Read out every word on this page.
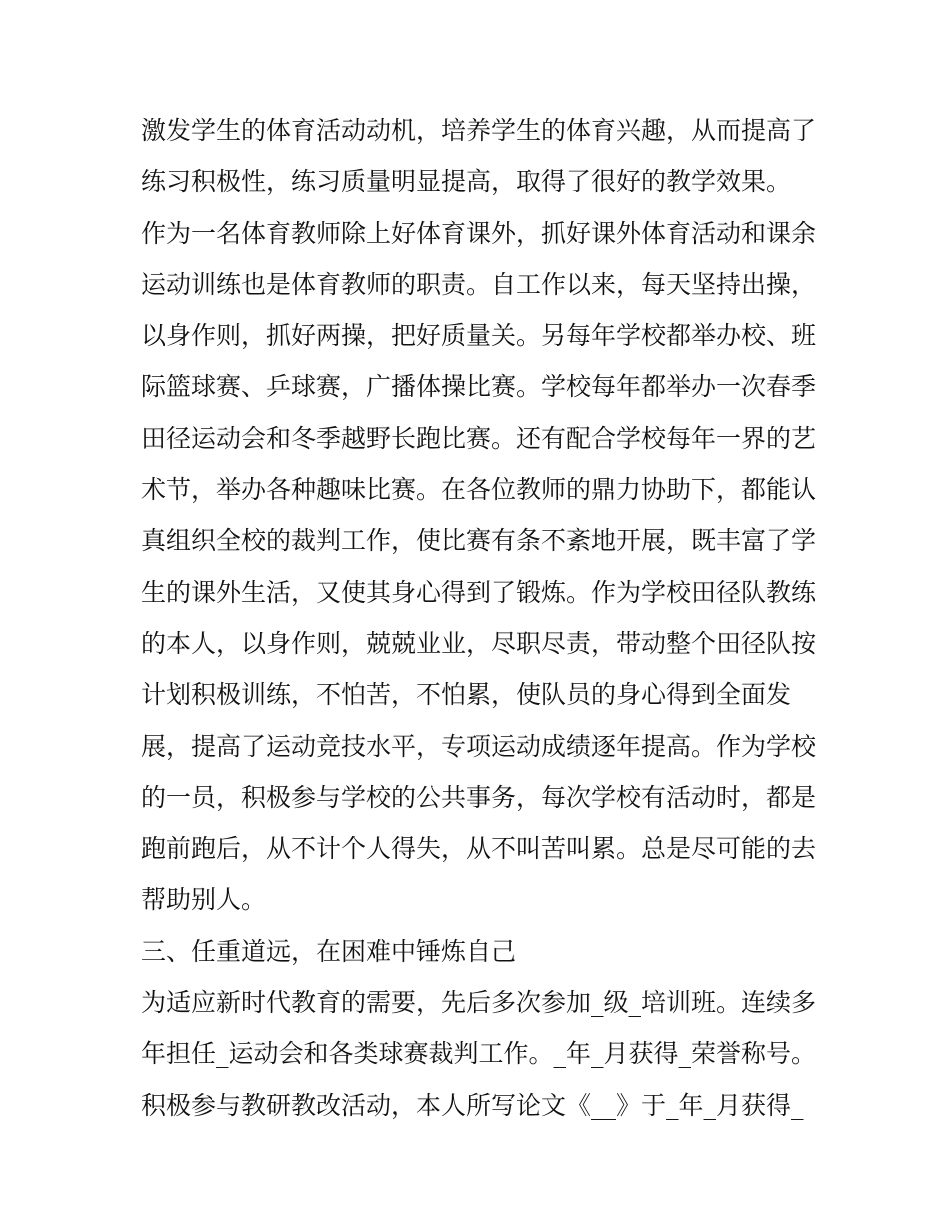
激发学生的体育活动动机，培养学生的体育兴趣，从而提高了
练习积极性，练习质量明显提高，取得了很好的教学效果。
作为一名体育教师除上好体育课外，抓好课外体育活动和课余
运动训练也是体育教师的职责。自工作以来，每天坚持出操，
以身作则，抓好两操，把好质量关。另每年学校都举办校、班
际篮球赛、乒球赛，广播体操比赛。学校每年都举办一次春季
田径运动会和冬季越野长跑比赛。还有配合学校每年一界的艺
术节，举办各种趣味比赛。在各位教师的鼎力协助下，都能认
真组织全校的裁判工作，使比赛有条不紊地开展，既丰富了学
生的课外生活，又使其身心得到了锻炼。作为学校田径队教练
的本人，以身作则，兢兢业业，尽职尽责，带动整个田径队按
计划积极训练，不怕苦，不怕累，使队员的身心得到全面发
展，提高了运动竞技水平，专项运动成绩逐年提高。作为学校
的一员，积极参与学校的公共事务，每次学校有活动时，都是
跑前跑后，从不计个人得失，从不叫苦叫累。总是尽可能的去
帮助别人。
三、任重道远，在困难中锤炼自己
为适应新时代教育的需要，先后多次参加_级_培训班。连续多
年担任_运动会和各类球赛裁判工作。_年_月获得_荣誉称号。
积极参与教研教改活动，本人所写论文《__》于_年_月获得_
